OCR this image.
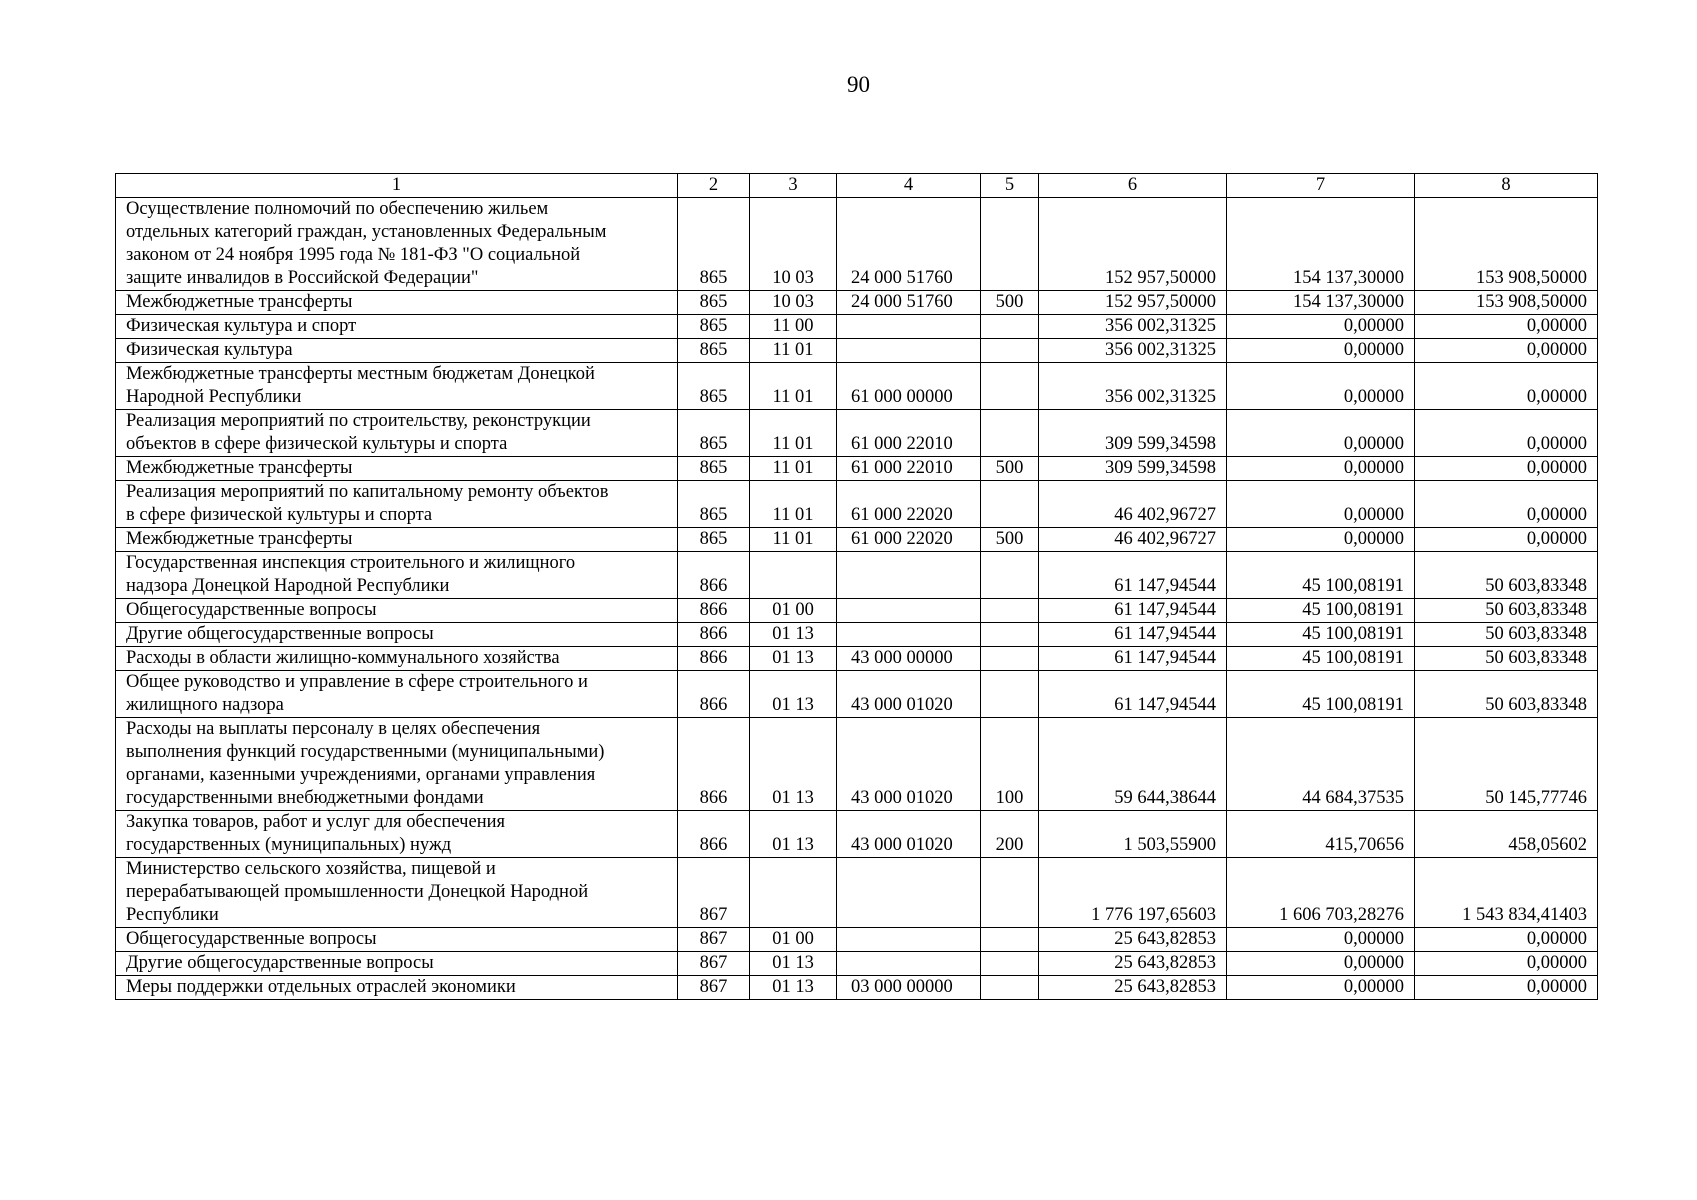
90
1	2	3	4	5	6	7	8
Осуществление полномочий по обеспечению жильем
отдельных категорий граждан, установленных Федеральным
законом от 24 ноября 1995 года № 181-ФЗ "О социальной
защите инвалидов в Российской Федерации"	865	10 03	24 000 51760		152 957,50000	154 137,30000	153 908,50000
Межбюджетные трансферты	865	10 03	24 000 51760	500	152 957,50000	154 137,30000	153 908,50000
Физическая культура и спорт	865	11 00			356 002,31325	0,00000	0,00000
Физическая культура	865	11 01			356 002,31325	0,00000	0,00000
Межбюджетные трансферты местным бюджетам Донецкой
Народной Республики	865	11 01	61 000 00000		356 002,31325	0,00000	0,00000
Реализация мероприятий по строительству, реконструкции
объектов в сфере физической культуры и спорта	865	11 01	61 000 22010		309 599,34598	0,00000	0,00000
Межбюджетные трансферты	865	11 01	61 000 22010	500	309 599,34598	0,00000	0,00000
Реализация мероприятий по капитальному ремонту объектов
в сфере физической культуры и спорта	865	11 01	61 000 22020		46 402,96727	0,00000	0,00000
Межбюджетные трансферты	865	11 01	61 000 22020	500	46 402,96727	0,00000	0,00000
Государственная инспекция строительного и жилищного
надзора Донецкой Народной Республики	866				61 147,94544	45 100,08191	50 603,83348
Общегосударственные вопросы	866	01 00			61 147,94544	45 100,08191	50 603,83348
Другие общегосударственные вопросы	866	01 13			61 147,94544	45 100,08191	50 603,83348
Расходы в области жилищно-коммунального хозяйства	866	01 13	43 000 00000		61 147,94544	45 100,08191	50 603,83348
Общее руководство и управление в сфере строительного и
жилищного надзора	866	01 13	43 000 01020		61 147,94544	45 100,08191	50 603,83348
Расходы на выплаты персоналу в целях обеспечения
выполнения функций государственными (муниципальными)
органами, казенными учреждениями, органами управления
государственными внебюджетными фондами	866	01 13	43 000 01020	100	59 644,38644	44 684,37535	50 145,77746
Закупка товаров, работ и услуг для обеспечения
государственных (муниципальных) нужд	866	01 13	43 000 01020	200	1 503,55900	415,70656	458,05602
Министерство сельского хозяйства, пищевой и
перерабатывающей промышленности Донецкой Народной
Республики	867				1 776 197,65603	1 606 703,28276	1 543 834,41403
Общегосударственные вопросы	867	01 00			25 643,82853	0,00000	0,00000
Другие общегосударственные вопросы	867	01 13			25 643,82853	0,00000	0,00000
Меры поддержки отдельных отраслей экономики	867	01 13	03 000 00000		25 643,82853	0,00000	0,00000
